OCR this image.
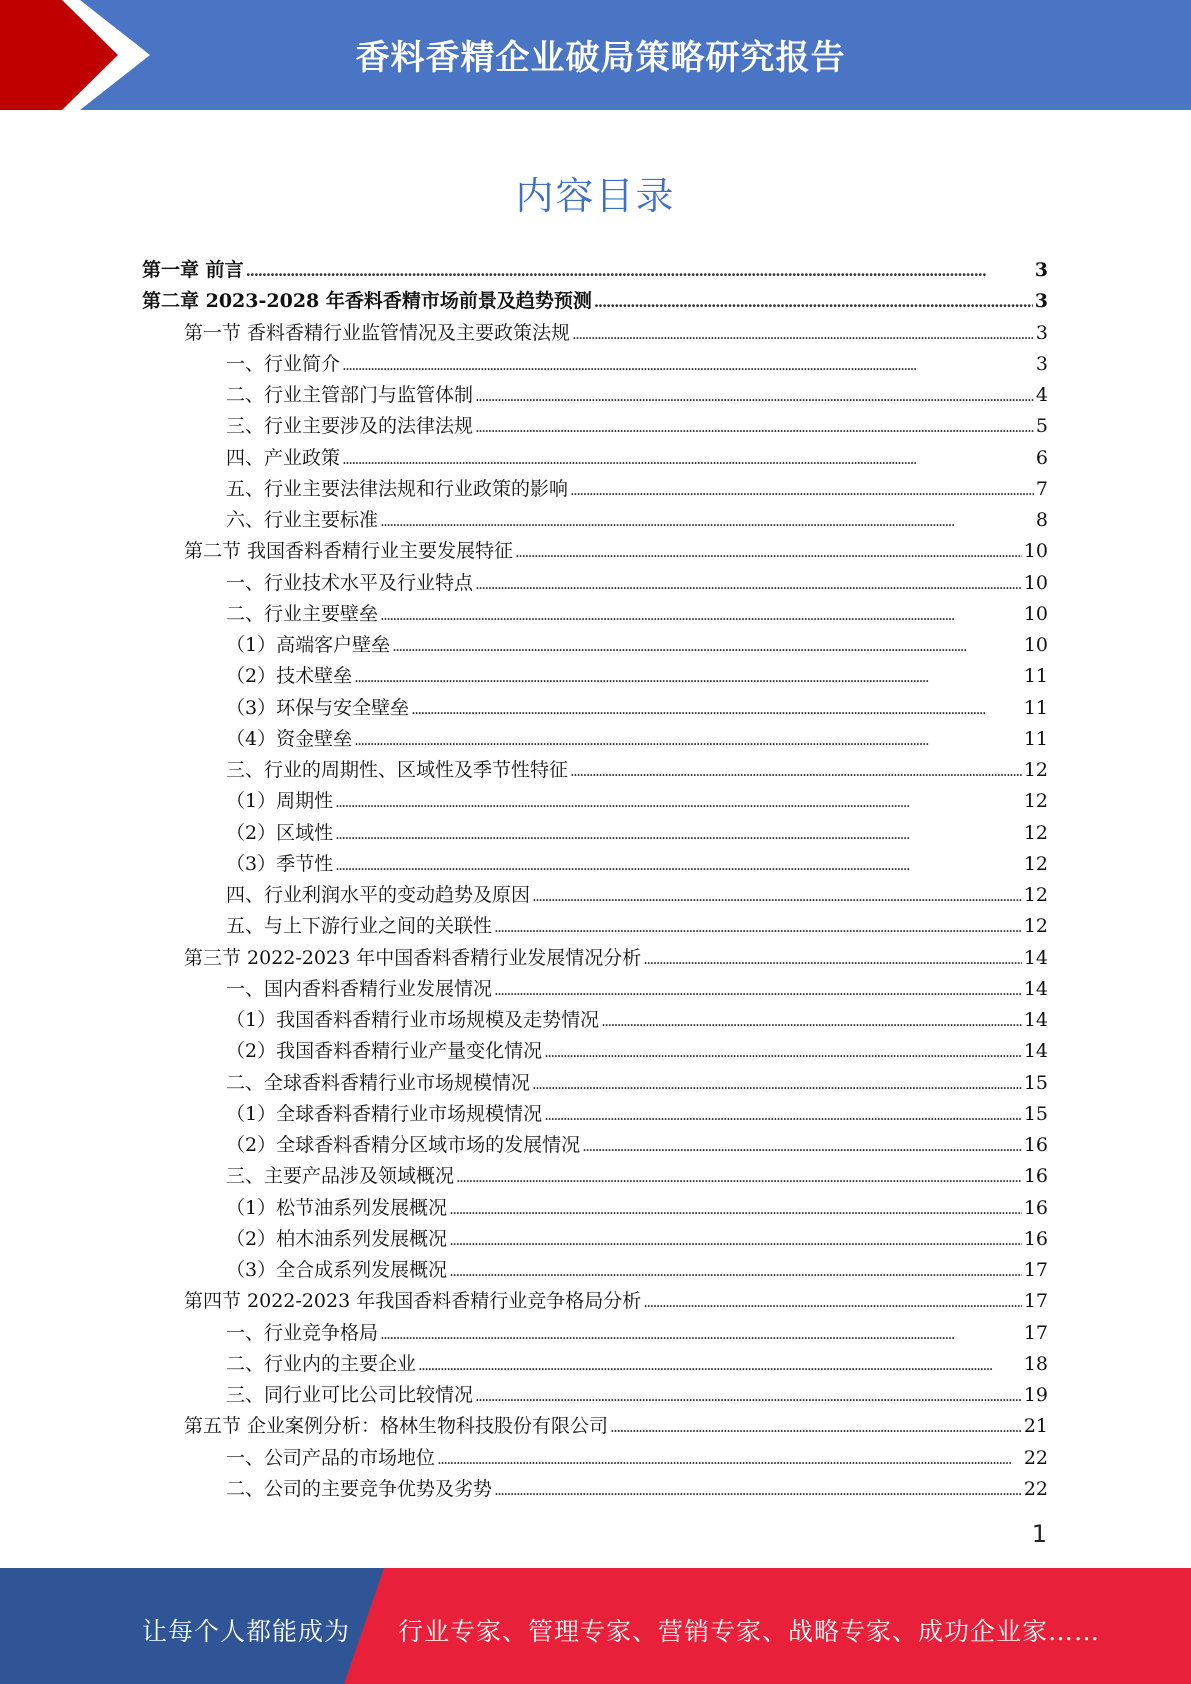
香料香精企业破局策略研究报告
内容目录
第一章 前言 . . .	3
第二章 2023-2028 年香料香精市场前景及趋势预测 . . .	3
第一节 香料香精行业监管情况及主要政策法规 . . .	3
一、行业简介 . . .	3
二、行业主管部门与监管体制 . . .	4
三、行业主要涉及的法律法规 . . .	5
四、产业政策 . . .	6
五、行业主要法律法规和行业政策的影响 . . .	7
六、行业主要标准 . . .	8
第二节 我国香料香精行业主要发展特征 . . .	10
一、行业技术水平及行业特点 . . .	10
二、行业主要壁垒 . . .	10
（1）高端客户壁垒 . . .	10
（2）技术壁垒 . . .	11
（3）环保与安全壁垒 . . .	11
（4）资金壁垒 . . .	11
三、行业的周期性、区域性及季节性特征 . . .	12
（1）周期性 . . .	12
（2）区域性 . . .	12
（3）季节性 . . .	12
四、行业利润水平的变动趋势及原因 . . .	12
五、与上下游行业之间的关联性 . . .	12
第三节 2022-2023 年中国香料香精行业发展情况分析 . . .	14
一、国内香料香精行业发展情况 . . .	14
（1）我国香料香精行业市场规模及走势情况 . . .	14
（2）我国香料香精行业产量变化情况 . . .	14
二、全球香料香精行业市场规模情况 . . .	15
（1）全球香料香精行业市场规模情况 . . .	15
（2）全球香料香精分区域市场的发展情况 . . .	16
三、主要产品涉及领域概况 . . .	16
（1）松节油系列发展概况 . . .	16
（2）柏木油系列发展概况 . . .	16
（3）全合成系列发展概况 . . .	17
第四节 2022-2023 年我国香料香精行业竞争格局分析 . . .	17
一、行业竞争格局 . . .	17
二、行业内的主要企业 . . .	18
三、同行业可比公司比较情况 . . .	19
第五节 企业案例分析：格林生物科技股份有限公司 . . .	21
一、公司产品的市场地位 . . .	22
二、公司的主要竞争优势及劣势 . . .	22
1
让每个人都能成为 行业专家、管理专家、营销专家、战略专家、成功企业家……
